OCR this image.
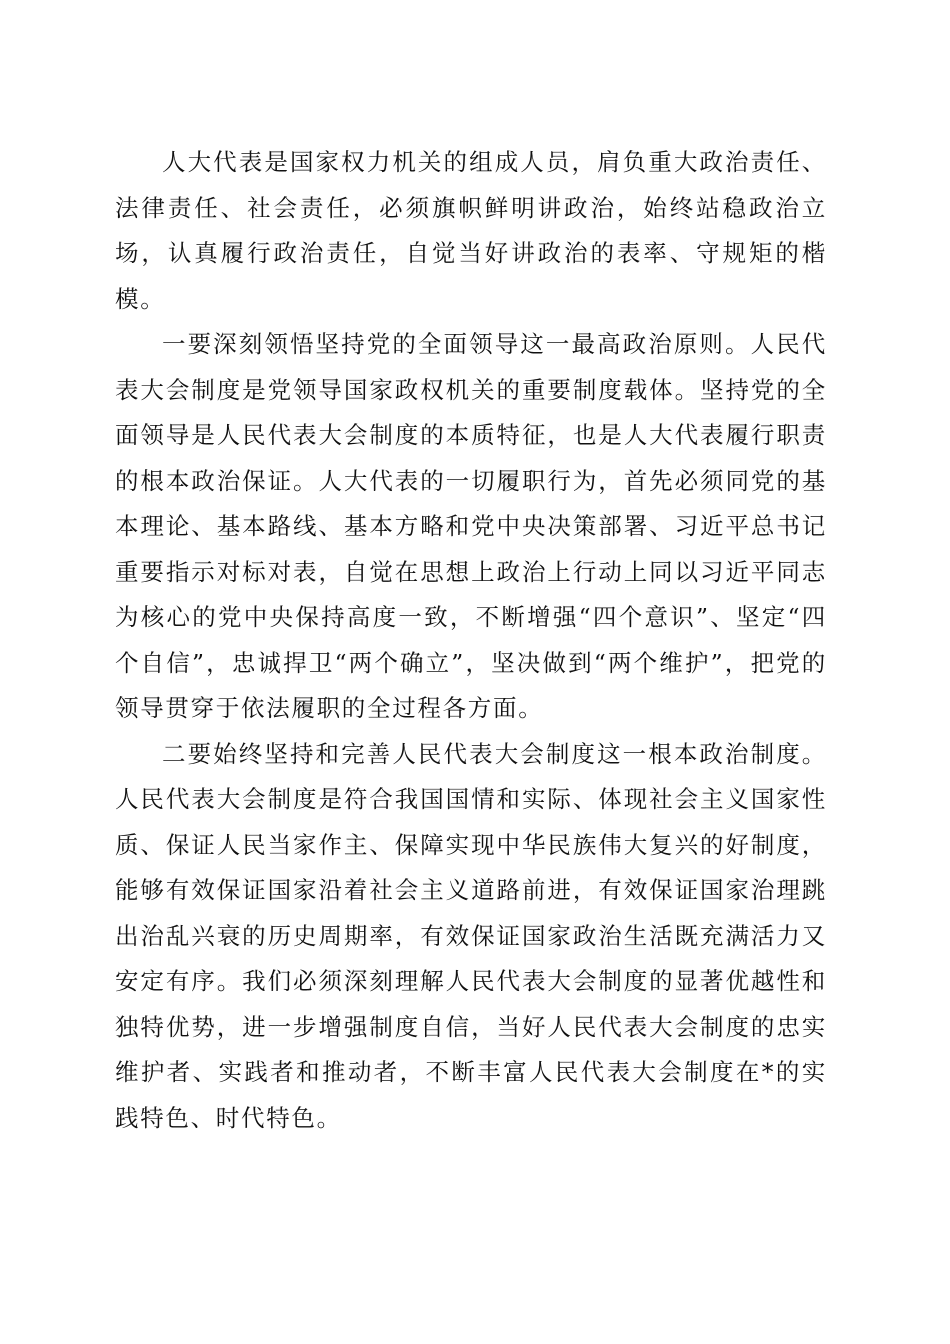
人大代表是国家权力机关的组成人员，肩负重大政治责任、法律责任、社会责任，必须旗帜鲜明讲政治，始终站稳政治立场，认真履行政治责任，自觉当好讲政治的表率、守规矩的楷模。

一要深刻领悟坚持党的全面领导这一最高政治原则。人民代表大会制度是党领导国家政权机关的重要制度载体。坚持党的全面领导是人民代表大会制度的本质特征，也是人大代表履行职责的根本政治保证。人大代表的一切履职行为，首先必须同党的基本理论、基本路线、基本方略和党中央决策部署、习近平总书记重要指示对标对表，自觉在思想上政治上行动上同以习近平同志为核心的党中央保持高度一致，不断增强“四个意识”、坚定“四个自信”，忠诚捍卫“两个确立”，坚决做到“两个维护”，把党的领导贯穿于依法履职的全过程各方面。

二要始终坚持和完善人民代表大会制度这一根本政治制度。人民代表大会制度是符合我国国情和实际、体现社会主义国家性质、保证人民当家作主、保障实现中华民族伟大复兴的好制度，能够有效保证国家沿着社会主义道路前进，有效保证国家治理跳出治乱兴衰的历史周期率，有效保证国家政治生活既充满活力又安定有序。我们必须深刻理解人民代表大会制度的显著优越性和独特优势，进一步增强制度自信，当好人民代表大会制度的忠实维护者、实践者和推动者，不断丰富人民代表大会制度在*的实践特色、时代特色。
